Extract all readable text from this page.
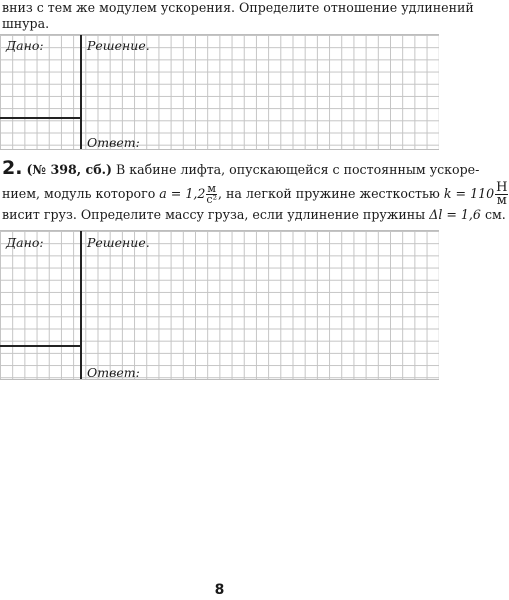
вниз с тем же модулем ускорения. Определите отношение удлинений
шнура.
Дано:	Решение.
Ответ:
2. (№ 398, сб.) В кабине лифта, опускающейся с постоянным ускоре-
нием, модуль которого $a = 1,2 \frac{м}{\text{с²}}$ , на легкой пружине жесткостью $k = 110 \frac{Н}{м}$
висит груз. Определите массу груза, если удлинение пружины Δl = 1,6 см.
Дано:	Решение.
Ответ:
8
